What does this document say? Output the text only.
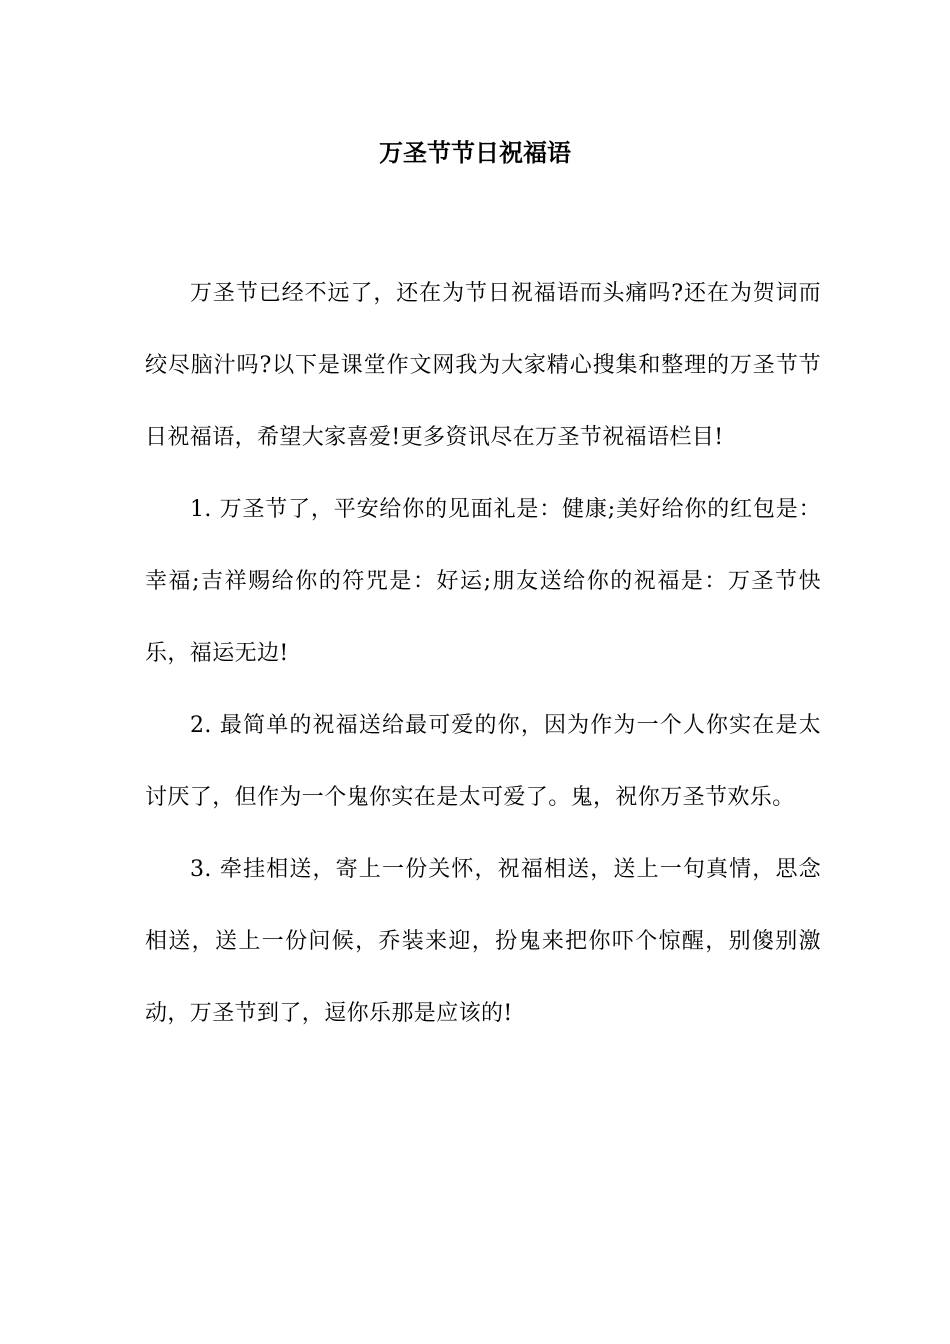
万圣节节日祝福语

万圣节已经不远了，还在为节日祝福语而头痛吗?还在为贺词而绞尽脑汁吗?以下是课堂作文网我为大家精心搜集和整理的万圣节节日祝福语，希望大家喜爱!更多资讯尽在万圣节祝福语栏目!

1. 万圣节了，平安给你的见面礼是：健康;美好给你的红包是：幸福;吉祥赐给你的符咒是：好运;朋友送给你的祝福是：万圣节快乐，福运无边!

2. 最简单的祝福送给最可爱的你，因为作为一个人你实在是太讨厌了，但作为一个鬼你实在是太可爱了。鬼，祝你万圣节欢乐。

3. 牵挂相送，寄上一份关怀，祝福相送，送上一句真情，思念相送，送上一份问候，乔装来迎，扮鬼来把你吓个惊醒，别傻别激动，万圣节到了，逗你乐那是应该的!
